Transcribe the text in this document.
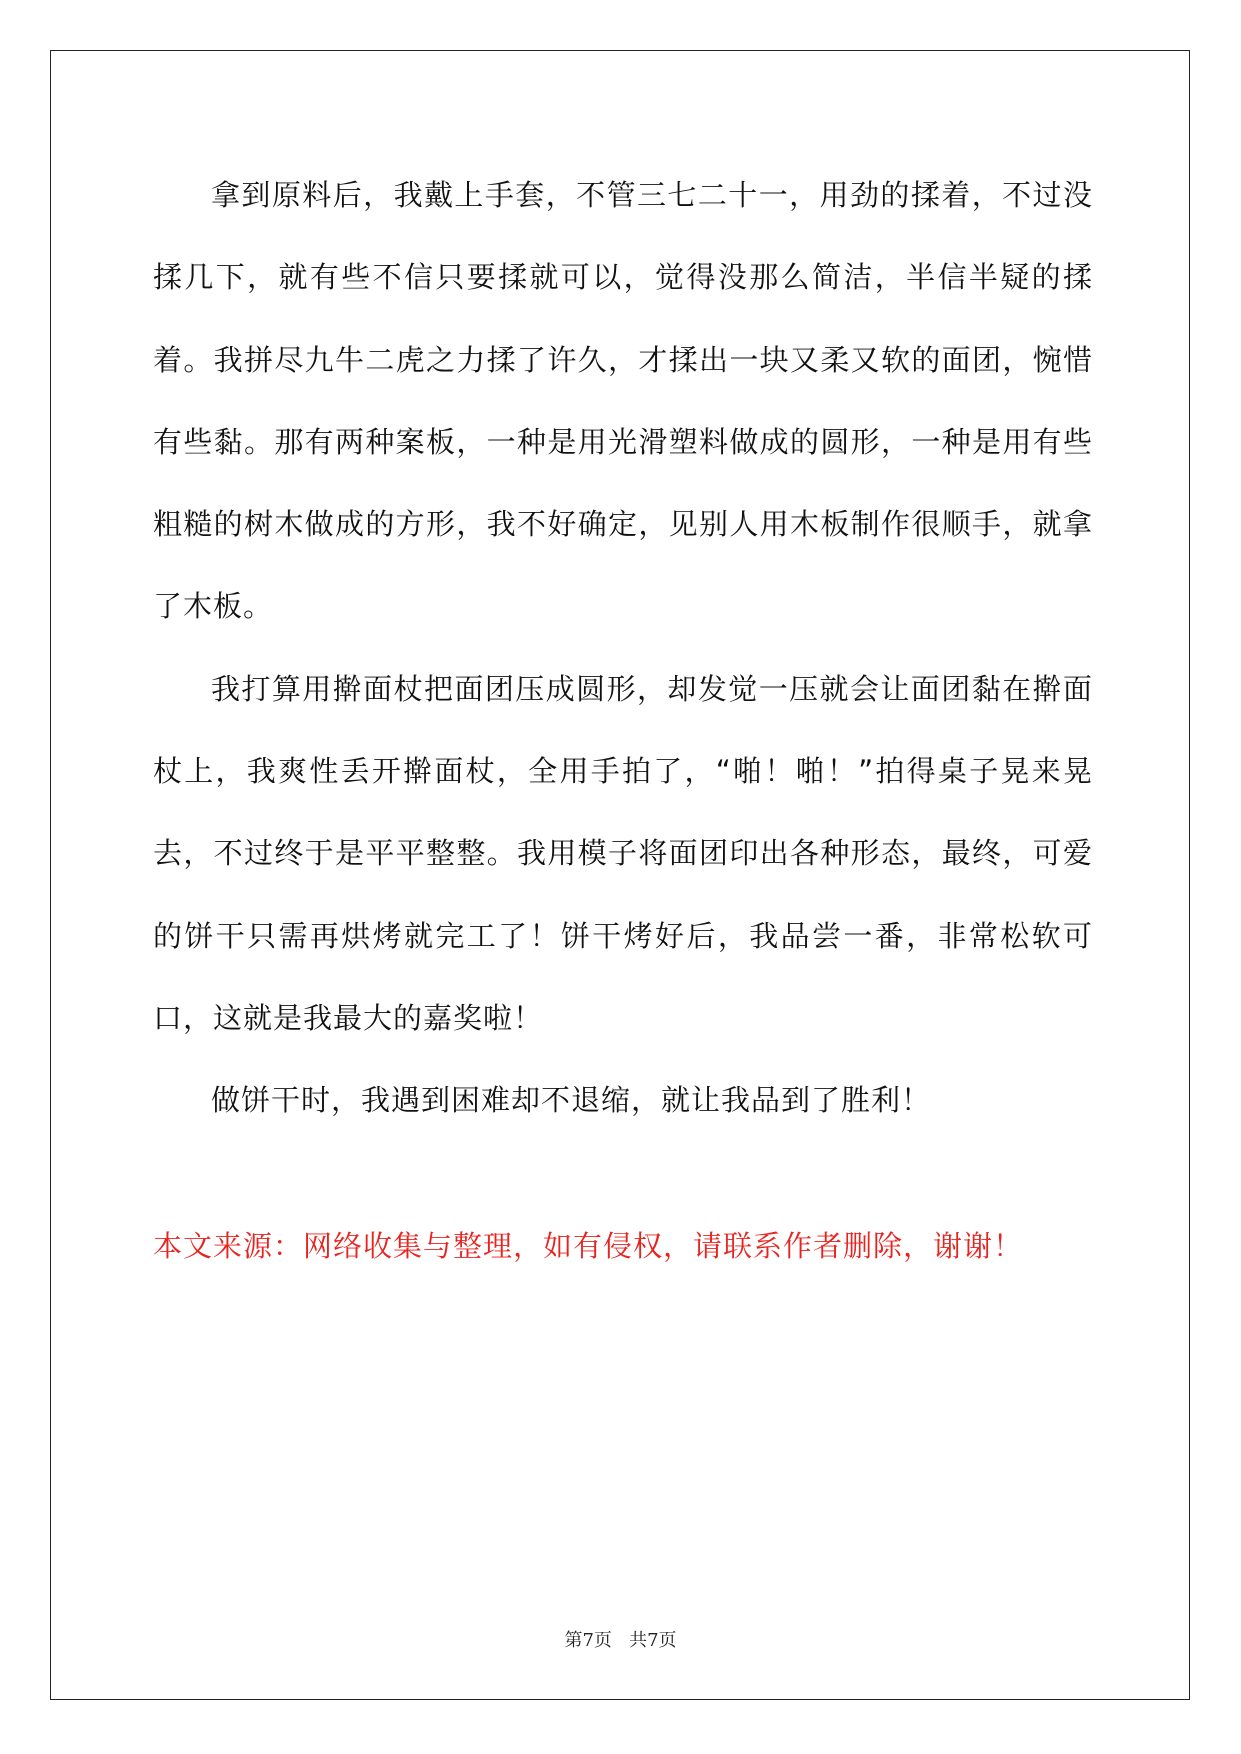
拿到原料后，我戴上手套，不管三七二十一，用劲的揉着，不过没揉几下，就有些不信只要揉就可以，觉得没那么简洁，半信半疑的揉着。我拼尽九牛二虎之力揉了许久，才揉出一块又柔又软的面团，惋惜有些黏。那有两种案板，一种是用光滑塑料做成的圆形，一种是用有些粗糙的树木做成的方形，我不好确定，见别人用木板制作很顺手，就拿了木板。

我打算用擀面杖把面团压成圆形，却发觉一压就会让面团黏在擀面杖上，我爽性丢开擀面杖，全用手拍了，“啪！啪！”拍得桌子晃来晃去，不过终于是平平整整。我用模子将面团印出各种形态，最终，可爱的饼干只需再烘烤就完工了！饼干烤好后，我品尝一番，非常松软可口，这就是我最大的嘉奖啦！

做饼干时，我遇到困难却不退缩，就让我品到了胜利！

本文来源：网络收集与整理，如有侵权，请联系作者删除，谢谢！

第7页   共7页
